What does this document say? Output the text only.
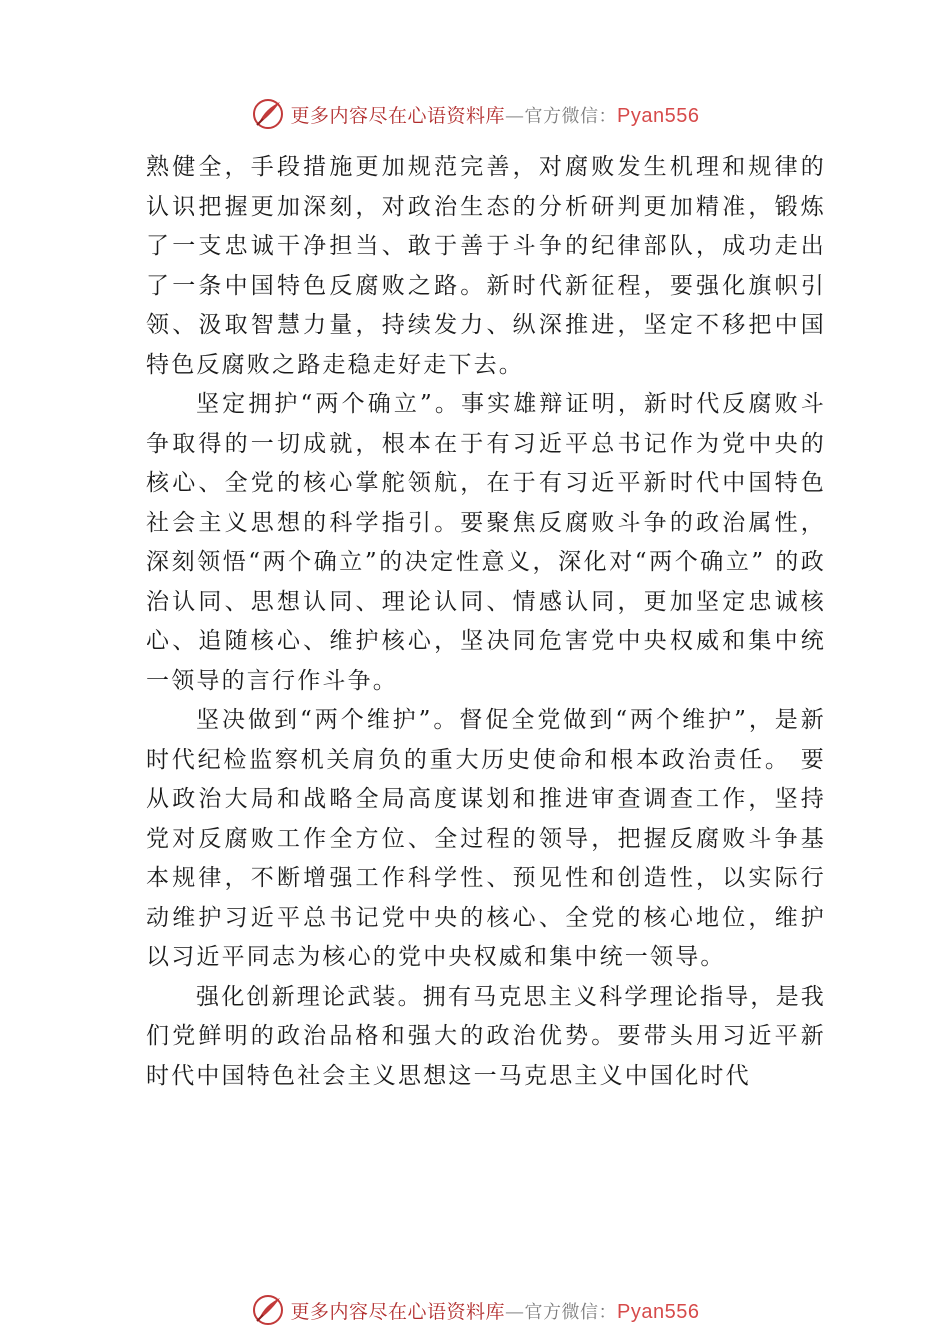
更多内容尽在心语资料库—官方微信：Pyan556

熟健全，手段措施更加规范完善，对腐败发生机理和规律的认识把握更加深刻，对政治生态的分析研判更加精准，锻炼了一支忠诚干净担当、敢于善于斗争的纪律部队，成功走出了一条中国特色反腐败之路。新时代新征程，要强化旗帜引领、汲取智慧力量，持续发力、纵深推进，坚定不移把中国特色反腐败之路走稳走好走下去。

坚定拥护“两个确立”。事实雄辩证明，新时代反腐败斗争取得的一切成就，根本在于有习近平总书记作为党中央的核心、全党的核心掌舵领航，在于有习近平新时代中国特色社会主义思想的科学指引。要聚焦反腐败斗争的政治属性， 深刻领悟“两个确立”的决定性意义，深化对“两个确立” 的政治认同、思想认同、理论认同、情感认同，更加坚定忠诚核心、追随核心、维护核心，坚决同危害党中央权威和集中统一领导的言行作斗争。

坚决做到“两个维护”。督促全党做到“两个维护”，是新时代纪检监察机关肩负的重大历史使命和根本政治责任。 要从政治大局和战略全局高度谋划和推进审查调查工作，坚持党对反腐败工作全方位、全过程的领导，把握反腐败斗争基本规律，不断增强工作科学性、预见性和创造性，以实际行动维护习近平总书记党中央的核心、全党的核心地位，维护以习近平同志为核心的党中央权威和集中统一领导。

强化创新理论武装。拥有马克思主义科学理论指导，是我们党鲜明的政治品格和强大的政治优势。要带头用习近平新时代中国特色社会主义思想这一马克思主义中国化时代

更多内容尽在心语资料库—官方微信：Pyan556
